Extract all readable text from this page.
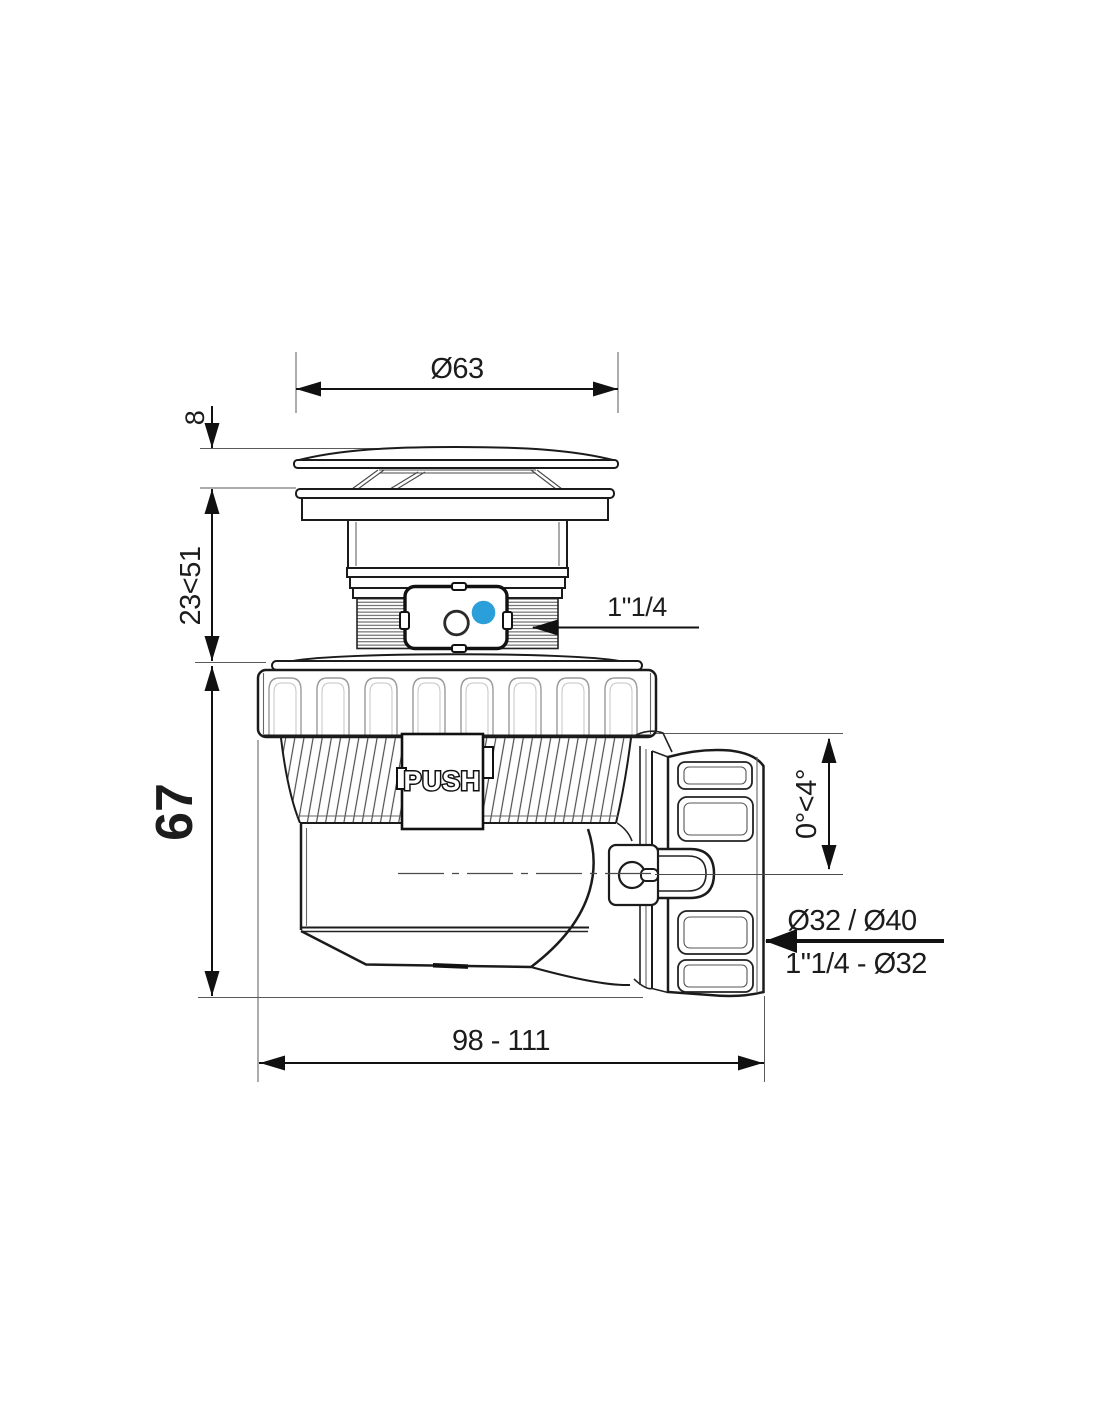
PUSH
Ø63
8
23<51
67
1"1/4
0°<4°
Ø32 / Ø40
1"1/4 - Ø32
98 - 111
